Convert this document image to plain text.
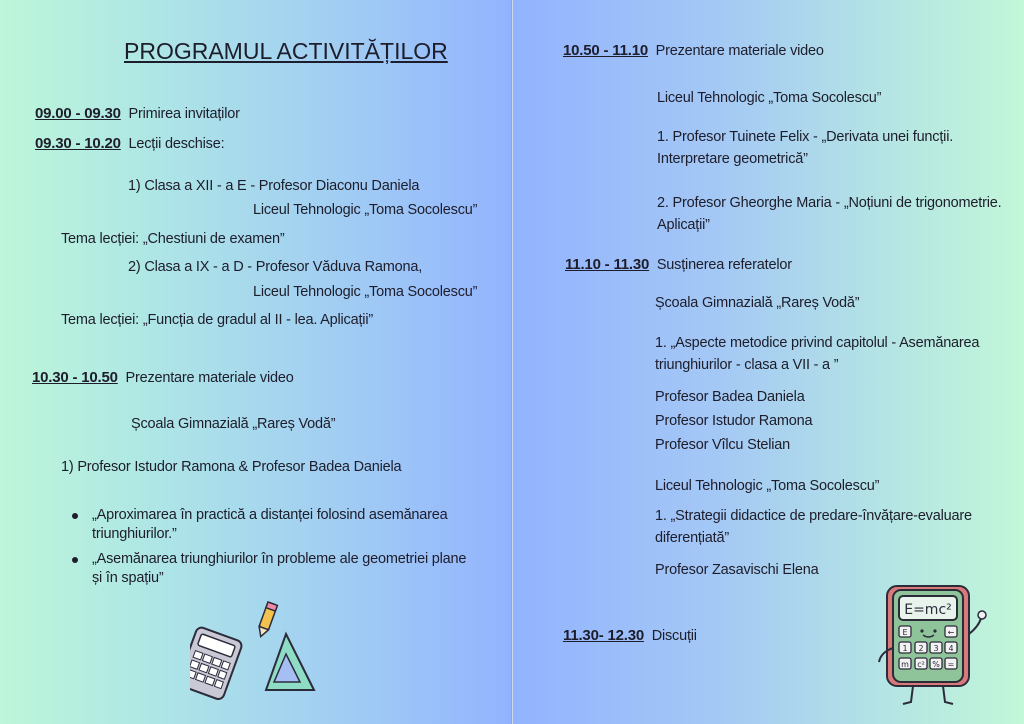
PROGRAMUL ACTIVITĂȚILOR
09.00 - 09.30 Primirea invitaților
09.30 - 10.20 Lecții deschise:
1) Clasa a XII - a E - Profesor Diaconu Daniela
Liceul Tehnologic „Toma Socolescu”
Tema lecției: „Chestiuni de examen”
2) Clasa a IX - a D - Profesor Văduva Ramona,
Liceul Tehnologic „Toma Socolescu”
Tema lecției: „Funcția de gradul al II - lea. Aplicații”
10.30 - 10.50 Prezentare materiale video
Școala Gimnazială „Rareș Vodă”
1) Profesor Istudor Ramona & Profesor Badea Daniela
„Aproximarea în practică a distanței folosind asemănarea triunghiurilor.”
„Asemănarea triunghiurilor în probleme ale geometriei plane și în spațiu”
10.50 - 11.10 Prezentare materiale video
Liceul Tehnologic „Toma Socolescu”
1. Profesor Tuinete Felix - „Derivata unei funcții. Interpretare geometrică”
2. Profesor Gheorghe Maria - „Noțiuni de trigonometrie. Aplicații”
11.10 - 11.30 Susținerea referatelor
Școala Gimnazială „Rareș Vodă”
1. „Aspecte metodice privind capitolul - Asemănarea triunghiurilor - clasa a VII - a ”
Profesor Badea Daniela
Profesor Istudor Ramona
Profesor Vîlcu Stelian
Liceul Tehnologic „Toma Socolescu”
1. „Strategii didactice de predare-învățare-evaluare diferențiată”
Profesor Zasavischi Elena
11.30- 12.30 Discuții
E=mc²
E	←
1 2 3 4
m c² % =
